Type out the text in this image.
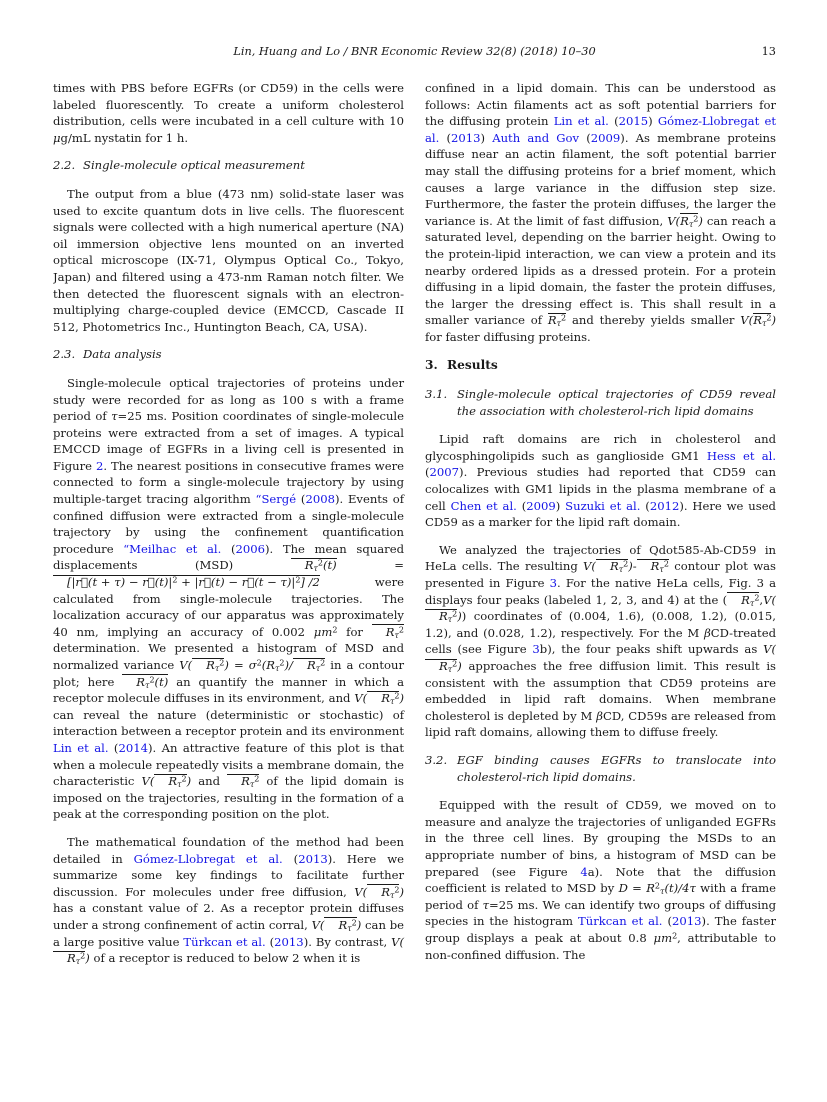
Lin, Huang and Lo / BNR Economic Review 32(8) (2018) 10–30	13

times with PBS before EGFRs (or CD59) in the cells were labeled fluorescently. To create a uniform cholesterol distribution, cells were incubated in a cell culture with 10 μg/mL nystatin for 1 h.

2.2. Single-molecule optical measurement

The output from a blue (473 nm) solid-state laser was used to excite quantum dots in live cells. The fluorescent signals were collected with a high numerical aperture (NA) oil immersion objective lens mounted on an inverted optical microscope (IX-71, Olympus Optical Co., Tokyo, Japan) and filtered using a 473-nm Raman notch filter. We then detected the fluorescent signals with an electron-multiplying charge-coupled device (EMCCD, Cascade II 512, Photometrics Inc., Huntington Beach, CA, USA).

2.3. Data analysis

Single-molecule optical trajectories of proteins under study were recorded for as long as 100 s with a frame period of τ=25 ms. Position coordinates of single-molecule proteins were extracted from a set of images. A typical EMCCD image of EGFRs in a living cell is presented in Figure 2. The nearest positions in consecutive frames were connected to form a single-molecule trajectory by using multiple-target tracing algorithm “Sergé (2008). Events of confined diffusion were extracted from a single-molecule trajectory by using the confinement quantification procedure “Meilhac et al. (2006). The mean squared displacements (MSD) $R_\tau^2(t)$ = [|r⃗(t + $\tau) - r⃗(t)|^2$ + |r⃗(t) − r⃗(t − $\tau)|^2$] /2 were calculated from single-molecule trajectories. The localization accuracy of our apparatus was approximately 40 nm, implying an accuracy of 0.002 $\mu m^2$ for $R_\tau^2$ determination. We presented a histogram of MSD and normalized variance V( $R_\tau^2) = \sigma^2(R_\tau^2)/$ $R_\tau^2$ in a contour plot; here $R_\tau^2(t)$ an quantify the manner in which a receptor molecule diffuses in its environment, and V( $R_\tau^2$) can reveal the nature (deterministic or stochastic) of interaction between a receptor protein and its environment Lin et al. (2014). An attractive feature of this plot is that when a molecule repeatedly visits a membrane domain, the characteristic V( $R_\tau^2$) and $R_\tau^2$ of the lipid domain is imposed on the trajectories, resulting in the formation of a peak at the corresponding position on the plot.

The mathematical foundation of the method had been detailed in Gómez-Llobregat et al. (2013). Here we summarize some key findings to facilitate further discussion. For molecules under free diffusion, V( $R_\tau^2$) has a constant value of 2. As a receptor protein diffuses under a strong confinement of actin corral, V( $R_\tau^2$) can be a large positive value Türkcan et al. (2013). By contrast, $V(R_\tau^2)$ of a receptor is reduced to below 2 when it is

confined in a lipid domain. This can be understood as follows: Actin filaments act as soft potential barriers for the diffusing protein Lin et al. (2015) Gómez-Llobregat et al. (2013) Auth and Gov (2009). As membrane proteins diffuse near an actin filament, the soft potential barrier may stall the diffusing proteins for a brief moment, which causes a large variance in the diffusion step size. Furthermore, the faster the protein diffuses, the larger the variance is. At the limit of fast diffusion, $V(R_\tau^2)$ can reach a saturated level, depending on the barrier height. Owing to the protein-lipid interaction, we can view a protein and its nearby ordered lipids as a dressed protein. For a protein diffusing in a lipid domain, the faster the protein diffuses, the larger the dressing effect is. This shall result in a smaller variance of $R_\tau^2$ and thereby yields smaller $V(R_\tau^2)$ for faster diffusing proteins.

3. Results
3.1. Single-molecule optical trajectories of CD59 reveal the association with cholesterol-rich lipid domains

Lipid raft domains are rich in cholesterol and glycosphingolipids such as ganglioside GM1 Hess et al. (2007). Previous studies had reported that CD59 can colocalizes with GM1 lipids in the plasma membrane of a cell Chen et al. (2009) Suzuki et al. (2012). Here we used CD59 as a marker for the lipid raft domain.

We analyzed the trajectories of Qdot585-Ab-CD59 in HeLa cells. The resulting V( $R_\tau^2)-$ $R_\tau^2$ contour plot was presented in Figure 3. For the native HeLa cells, Fig. 3 a displays four peaks (labeled 1, 2, 3, and 4) at the ( $R_\tau^2,V(R_\tau^2)$) coordinates of (0.004, 1.6), (0.008, 1.2), (0.015, 1.2), and (0.028, 1.2), respectively. For the M βCD-treated cells (see Figure 3b), the four peaks shift upwards as $V(R_\tau^2)$ approaches the free diffusion limit. This result is consistent with the assumption that CD59 proteins are embedded in lipid raft domains. When membrane cholesterol is depleted by M βCD, CD59s are released from lipid raft domains, allowing them to diffuse freely.

3.2. EGF binding causes EGFRs to translocate into cholesterol-rich lipid domains.

Equipped with the result of CD59, we moved on to measure and analyze the trajectories of unliganded EGFRs in the three cell lines. By grouping the MSDs to an appropriate number of bins, a histogram of MSD can be prepared (see Figure 4a). Note that the diffusion coefficient is related to MSD by $D = R^2_\tau(t)/4\tau$ with a frame period of τ=25 ms. We can identify two groups of diffusing species in the histogram Türkcan et al. (2013). The faster group displays a peak at about 0.8 $\mu m^2$, attributable to non-confined diffusion. The
